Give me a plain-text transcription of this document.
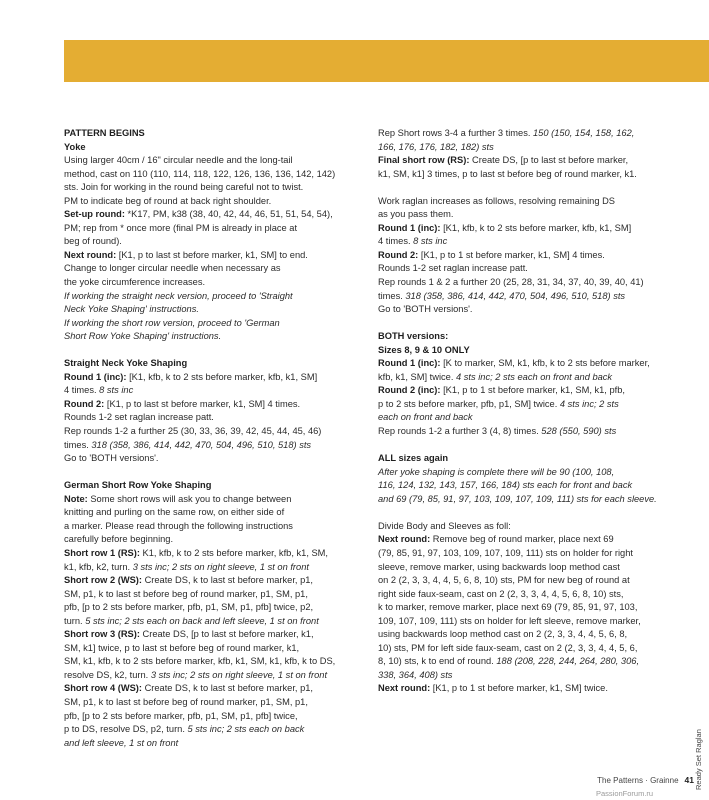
PATTERN BEGINS

Yoke

Using larger 40cm / 16" circular needle and the long-tail

method, cast on 110 (110, 114, 118, 122, 126, 136, 136, 142, 142)

sts. Join for working in the round being careful not to twist.

PM to indicate beg of round at back right shoulder.

Set-up round: *K17, PM, k38 (38, 40, 42, 44, 46, 51, 51, 54, 54),

PM; rep from * once more (final PM is already in place at

beg of round).

Next round: [K1, p to last st before marker, k1, SM] to end.

Change to longer circular needle when necessary as

the yoke circumference increases.

If working the straight neck version, proceed to 'Straight

Neck Yoke Shaping' instructions.

If working the short row version, proceed to 'German

Short Row Yoke Shaping' instructions.

Straight Neck Yoke Shaping

Round 1 (inc): [K1, kfb, k to 2 sts before marker, kfb, k1, SM]

4 times. 8 sts inc

Round 2: [K1, p to last st before marker, k1, SM] 4 times.

Rounds 1-2 set raglan increase patt.

Rep rounds 1-2 a further 25 (30, 33, 36, 39, 42, 45, 44, 45, 46)

times. 318 (358, 386, 414, 442, 470, 504, 496, 510, 518) sts

Go to 'BOTH versions'.

German Short Row Yoke Shaping

Note: Some short rows will ask you to change between

knitting and purling on the same row, on either side of

a marker. Please read through the following instructions

carefully before beginning.

Short row 1 (RS): K1, kfb, k to 2 sts before marker, kfb, k1, SM,

k1, kfb, k2, turn. 3 sts inc; 2 sts on right sleeve, 1 st on front

Short row 2 (WS): Create DS, k to last st before marker, p1,

SM, p1, k to last st before beg of round marker, p1, SM, p1,

pfb, [p to 2 sts before marker, pfb, p1, SM, p1, pfb] twice, p2,

turn. 5 sts inc; 2 sts each on back and left sleeve, 1 st on front

Short row 3 (RS): Create DS, [p to last st before marker, k1,

SM, k1] twice, p to last st before beg of round marker, k1,

SM, k1, kfb, k to 2 sts before marker, kfb, k1, SM, k1, kfb, k to DS,

resolve DS, k2, turn. 3 sts inc; 2 sts on right sleeve, 1 st on front

Short row 4 (WS): Create DS, k to last st before marker, p1,

SM, p1, k to last st before beg of round marker, p1, SM, p1,

pfb, [p to 2 sts before marker, pfb, p1, SM, p1, pfb] twice,

p to DS, resolve DS, p2, turn. 5 sts inc; 2 sts each on back

and left sleeve, 1 st on front

Rep Short rows 3-4 a further 3 times. 150 (150, 154, 158, 162,

166, 176, 176, 182, 182) sts

Final short row (RS): Create DS, [p to last st before marker,

k1, SM, k1] 3 times, p to last st before beg of round marker, k1.

Work raglan increases as follows, resolving remaining DS

as you pass them.

Round 1 (inc): [K1, kfb, k to 2 sts before marker, kfb, k1, SM]

4 times. 8 sts inc

Round 2: [K1, p to 1 st before marker, k1, SM] 4 times.

Rounds 1-2 set raglan increase patt.

Rep rounds 1 & 2 a further 20 (25, 28, 31, 34, 37, 40, 39, 40, 41)

times. 318 (358, 386, 414, 442, 470, 504, 496, 510, 518) sts

Go to 'BOTH versions'.

BOTH versions:

Sizes 8, 9 & 10 ONLY

Round 1 (inc): [K to marker, SM, k1, kfb, k to 2 sts before marker,

kfb, k1, SM] twice. 4 sts inc; 2 sts each on front and back

Round 2 (inc): [K1, p to 1 st before marker, k1, SM, k1, pfb,

p to 2 sts before marker, pfb, p1, SM] twice. 4 sts inc; 2 sts

each on front and back

Rep rounds 1-2 a further 3 (4, 8) times. 528 (550, 590) sts

ALL sizes again

After yoke shaping is complete there will be 90 (100, 108,

116, 124, 132, 143, 157, 166, 184) sts each for front and back

and 69 (79, 85, 91, 97, 103, 109, 107, 109, 111) sts for each sleeve.

Divide Body and Sleeves as foll:

Next round: Remove beg of round marker, place next 69

(79, 85, 91, 97, 103, 109, 107, 109, 111) sts on holder for right

sleeve, remove marker, using backwards loop method cast

on 2 (2, 3, 3, 4, 4, 5, 6, 8, 10) sts, PM for new beg of round at

right side faux-seam, cast on 2 (2, 3, 3, 4, 4, 5, 6, 8, 10) sts,

k to marker, remove marker, place next 69 (79, 85, 91, 97, 103,

109, 107, 109, 111) sts on holder for left sleeve, remove marker,

using backwards loop method cast on 2 (2, 3, 3, 4, 4, 5, 6, 8,

10) sts, PM for left side faux-seam, cast on 2 (2, 3, 3, 4, 4, 5, 6,

8, 10) sts, k to end of round. 188 (208, 228, 244, 264, 280, 306,

338, 364, 408) sts

Next round: [K1, p to 1 st before marker, k1, SM] twice.

Ready Set Raglan
The Patterns · Grainne 41
PassionForum.ru
